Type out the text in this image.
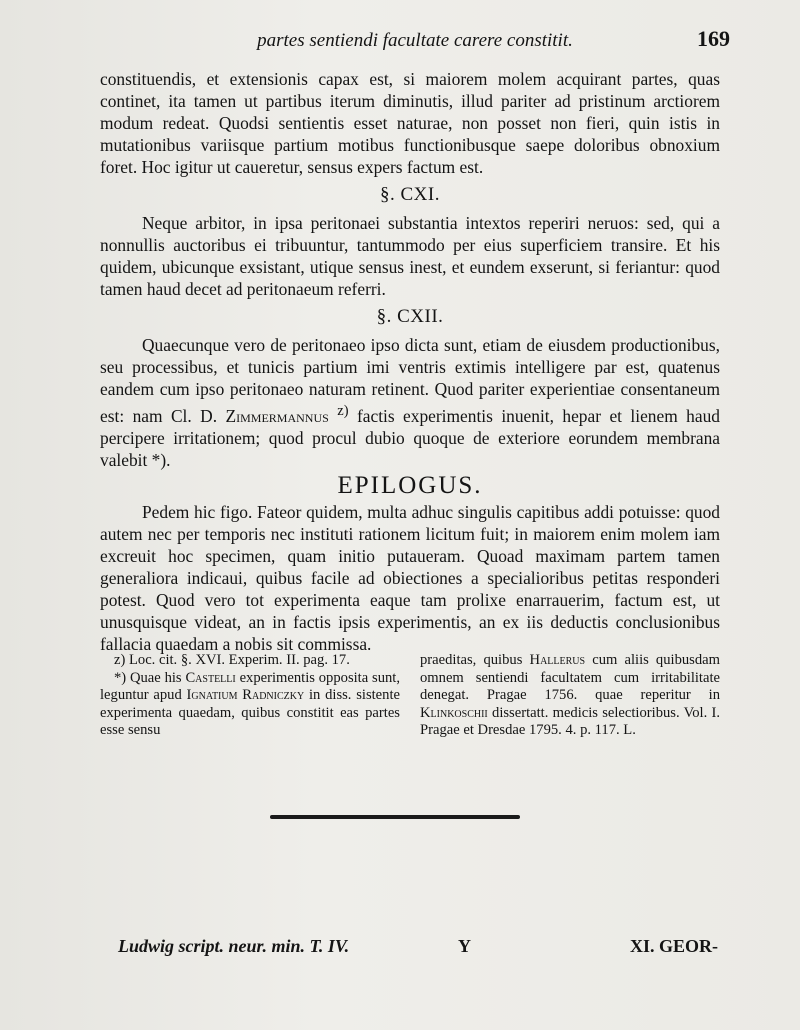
partes sentiendi facultate carere constitit.	169

constituendis, et extensionis capax est, si maiorem molem acquirant partes, quas continet, ita tamen ut partibus iterum diminutis, illud pariter ad pristinum arctiorem modum redeat. Quodsi sentientis esset naturae, non posset non fieri, quin istis in mutationibus variisque partium motibus functionibusque saepe doloribus obnoxium foret. Hoc igitur ut caueretur, sensus expers factum est.

§. CXI.

Neque arbitor, in ipsa peritonaei substantia intextos reperiri neruos: sed, qui a nonnullis auctoribus ei tribuuntur, tantummodo per eius superficiem transire. Et his quidem, ubicunque exsistant, utique sensus inest, et eundem exserunt, si feriantur: quod tamen haud decet ad peritonaeum referri.

§. CXII.

Quaecunque vero de peritonaeo ipso dicta sunt, etiam de eiusdem productionibus, seu processibus, et tunicis partium imi ventris extimis intelligere par est, quatenus eandem cum ipso peritonaeo naturam retinent. Quod pariter experientiae consentaneum est: nam Cl. D. Zimmermannus $^{z)}$ factis experimentis inuenit, hepar et lienem haud percipere irritationem; quod procul dubio quoque de exteriore eorundem membrana valebit *).

EPILOGUS.

Pedem hic figo. Fateor quidem, multa adhuc singulis capitibus addi potuisse: quod autem nec per temporis nec instituti rationem licitum fuit; in maiorem enim molem iam excreuit hoc specimen, quam initio putaueram. Quoad maximam partem tamen generaliora indicaui, quibus facile ad obiectiones a specialioribus petitas responderi potest. Quod vero tot experimenta eaque tam prolixe enarrauerim, factum est, ut unusquisque videat, an in factis ipsis experimentis, an ex iis deductis conclusionibus fallacia quaedam a nobis sit commissa.

z) Loc. cit. §. XVI. Experim. II. pag. 17.

*) Quae his Castelli experimentis opposita sunt, leguntur apud Ignatium Radniczky in diss. sistente experimenta quaedam, quibus constitit eas partes esse sensu

praeditas, quibus Hallerus cum aliis quibusdam omnem sentiendi facultatem cum irritabilitate denegat. Pragae 1756. quae reperitur in Klinkoschii dissertatt. medicis selectioribus. Vol. I. Pragae et Dresdae 1795. 4. p. 117. L.

Ludwig script. neur. min. T. IV.	Y	XI. GEOR-
